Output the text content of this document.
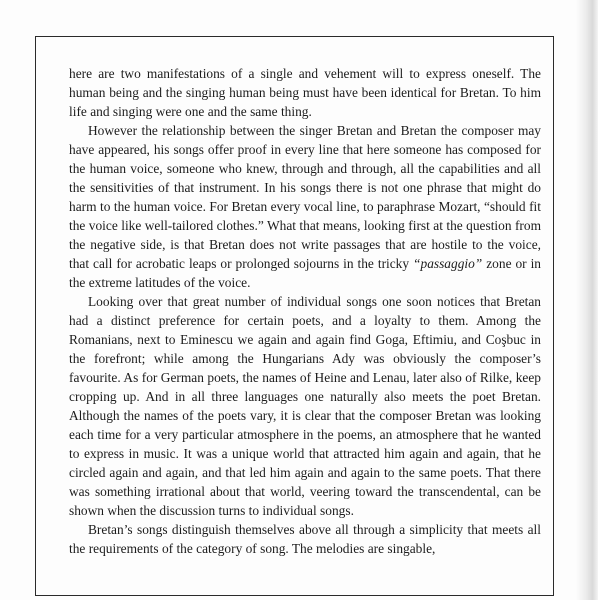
here are two manifestations of a single and vehement will to express oneself. The human being and the singing human being must have been identical for Bretan. To him life and singing were one and the same thing.

However the relationship between the singer Bretan and Bretan the composer may have appeared, his songs offer proof in every line that here someone has composed for the human voice, someone who knew, through and through, all the capabilities and all the sensitivities of that instrument. In his songs there is not one phrase that might do harm to the human voice. For Bretan every vocal line, to paraphrase Mozart, “should fit the voice like well-tailored clothes.” What that means, looking first at the question from the negative side, is that Bretan does not write passages that are hostile to the voice, that call for acrobatic leaps or prolonged sojourns in the tricky “passaggio” zone or in the extreme latitudes of the voice.

Looking over that great number of individual songs one soon notices that Bretan had a distinct preference for certain poets, and a loyalty to them. Among the Romanians, next to Eminescu we again and again find Goga, Eftimiu, and Coşbuc in the forefront; while among the Hungarians Ady was obviously the composer’s favourite. As for German poets, the names of Heine and Lenau, later also of Rilke, keep cropping up. And in all three languages one naturally also meets the poet Bretan. Although the names of the poets vary, it is clear that the composer Bretan was looking each time for a very particular atmosphere in the poems, an atmosphere that he wanted to express in music. It was a unique world that attracted him again and again, that he circled again and again, and that led him again and again to the same poets. That there was something irrational about that world, veering toward the transcendental, can be shown when the discussion turns to individual songs.

Bretan’s songs distinguish themselves above all through a simplicity that meets all the requirements of the category of song. The melodies are singable,
